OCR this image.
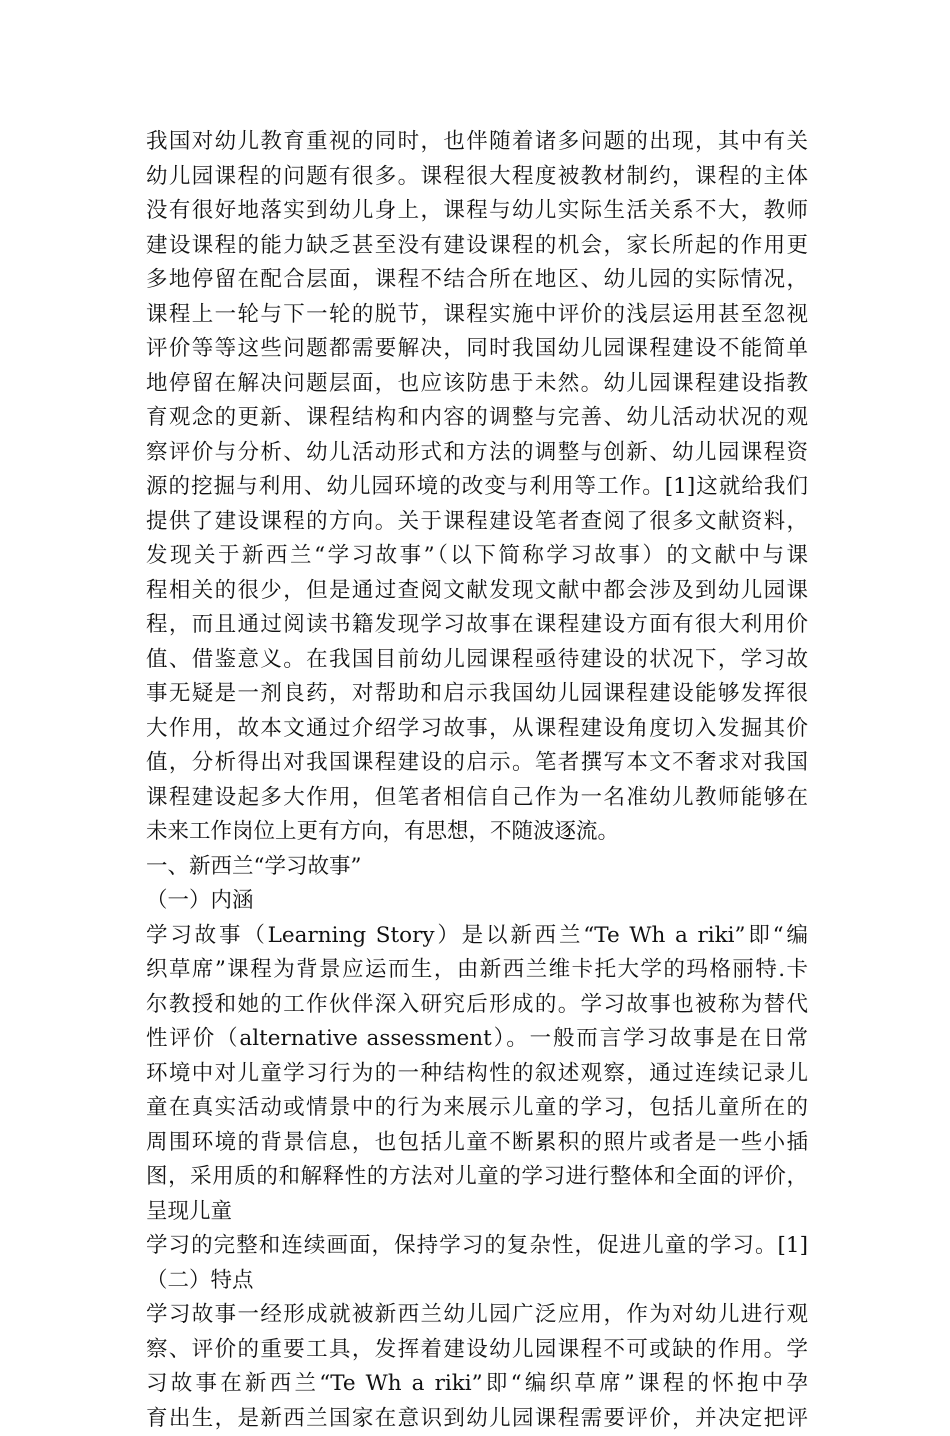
我国对幼儿教育重视的同时，也伴随着诸多问题的出现，其中有关
幼儿园课程的问题有很多。课程很大程度被教材制约，课程的主体
没有很好地落实到幼儿身上，课程与幼儿实际生活关系不大，教师
建设课程的能力缺乏甚至没有建设课程的机会，家长所起的作用更
多地停留在配合层面，课程不结合所在地区、幼儿园的实际情况，
课程上一轮与下一轮的脱节，课程实施中评价的浅层运用甚至忽视
评价等等这些问题都需要解决，同时我国幼儿园课程建设不能简单
地停留在解决问题层面，也应该防患于未然。幼儿园课程建设指教
育观念的更新、课程结构和内容的调整与完善、幼儿活动状况的观
察评价与分析、幼儿活动形式和方法的调整与创新、幼儿园课程资
源的挖掘与利用、幼儿园环境的改变与利用等工作。[1]这就给我们
提供了建设课程的方向。关于课程建设笔者查阅了很多文献资料，
发现关于新西兰“学习故事”（以下简称学习故事）的文献中与课
程相关的很少，但是通过查阅文献发现文献中都会涉及到幼儿园课
程，而且通过阅读书籍发现学习故事在课程建设方面有很大利用价
值、借鉴意义。在我国目前幼儿园课程亟待建设的状况下，学习故
事无疑是一剂良药，对帮助和启示我国幼儿园课程建设能够发挥很
大作用，故本文通过介绍学习故事，从课程建设角度切入发掘其价
值，分析得出对我国课程建设的启示。笔者撰写本文不奢求对我国
课程建设起多大作用，但笔者相信自己作为一名准幼儿教师能够在
未来工作岗位上更有方向，有思想，不随波逐流。
一、新西兰“学习故事”
（一）内涵
学习故事（Learning Story）是以新西兰“Te Wh a riki”即“编
织草席”课程为背景应运而生，由新西兰维卡托大学的玛格丽特.卡
尔教授和她的工作伙伴深入研究后形成的。学习故事也被称为替代
性评价（alternative assessment）。一般而言学习故事是在日常
环境中对儿童学习行为的一种结构性的叙述观察，通过连续记录儿
童在真实活动或情景中的行为来展示儿童的学习，包括儿童所在的
周围环境的背景信息，也包括儿童不断累积的照片或者是一些小插
图，采用质的和解释性的方法对儿童的学习进行整体和全面的评价，
呈现儿童
学习的完整和连续画面，保持学习的复杂性，促进儿童的学习。[1]
（二）特点
学习故事一经形成就被新西兰幼儿园广泛应用，作为对幼儿进行观
察、评价的重要工具，发挥着建设幼儿园课程不可或缺的作用。学
习故事在新西兰“Te Wh a riki”即“编织草席”课程的怀抱中孕
育出生，是新西兰国家在意识到幼儿园课程需要评价，并决定把评
